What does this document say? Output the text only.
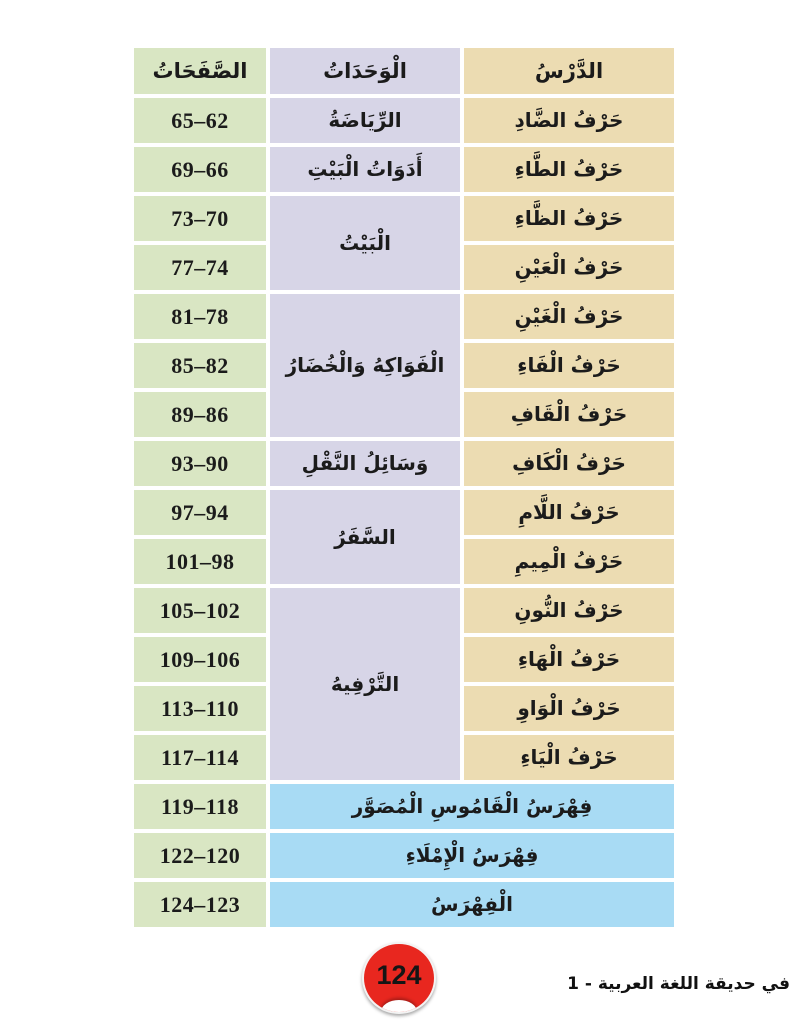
الدَّرْسُ	الْوَحَدَاتُ	الصَّفَحَاتُ
حَرْفُ الضَّادِ	الرِّيَاضَةُ	65–62
حَرْفُ الطَّاءِ	أَدَوَاتُ الْبَيْتِ	69–66
حَرْفُ الظَّاءِ	الْبَيْتُ	73–70
حَرْفُ الْعَيْنِ		77–74
حَرْفُ الْغَيْنِ	الْفَوَاكِهُ وَالْخُضَارُ	81–78
حَرْفُ الْفَاءِ		85–82
حَرْفُ الْقَافِ		89–86
حَرْفُ الْكَافِ	وَسَائِلُ النَّقْلِ	93–90
حَرْفُ اللَّامِ	السَّفَرُ	97–94
حَرْفُ الْمِيمِ		101–98
حَرْفُ النُّونِ	التَّرْفِيهُ	105–102
حَرْفُ الْهَاءِ		109–106
حَرْفُ الْوَاوِ		113–110
حَرْفُ الْيَاءِ		117–114
فِهْرَسُ الْقَامُوسِ الْمُصَوَّر		119–118
فِهْرَسُ الْإِمْلَاءِ		122–120
الْفِهْرَسُ		124–123
124	في حديقة اللغة العربية - 1
